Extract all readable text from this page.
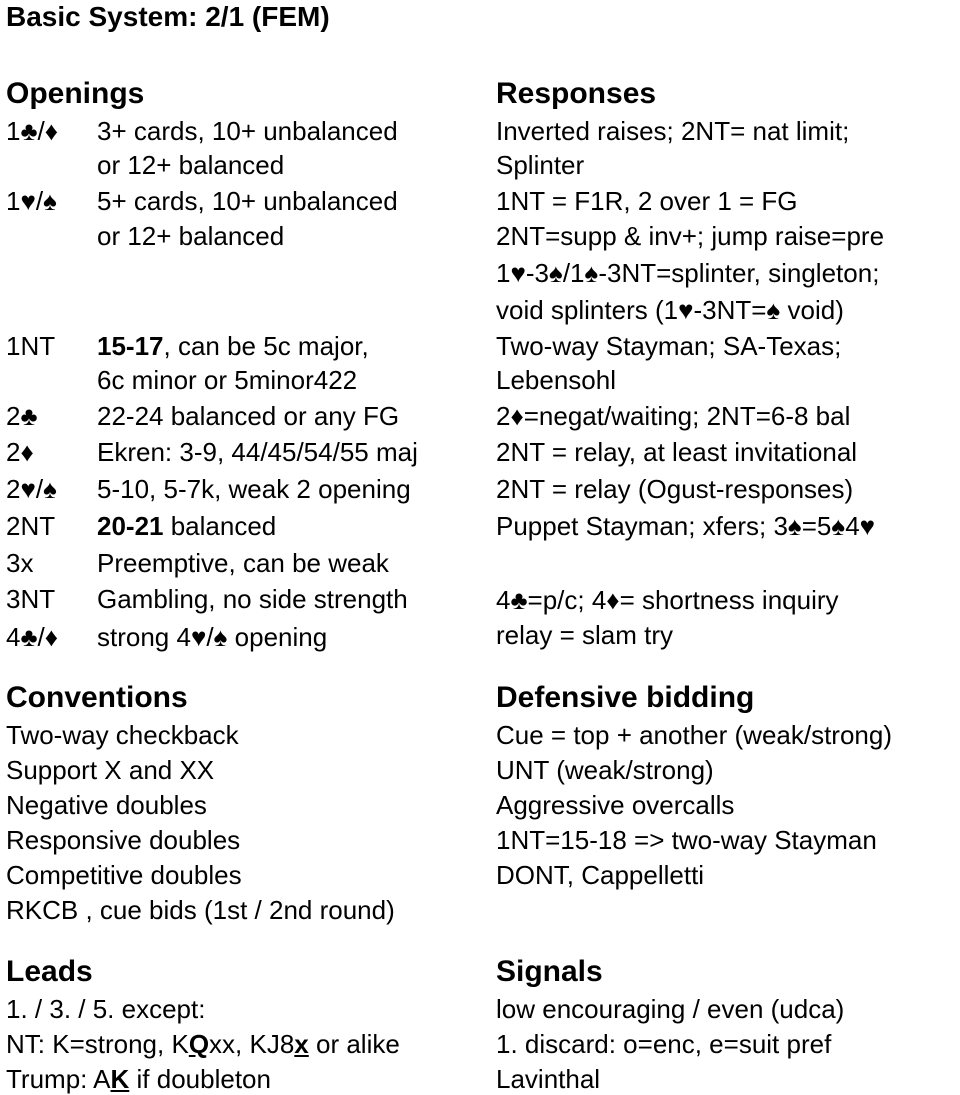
Basic System: 2/1 (FEM)
Openings
1♣/♦ 3+ cards, 10+ unbalanced
or 12+ balanced
1♥/♠ 5+ cards, 10+ unbalanced
or 12+ balanced
1NT 15-17, can be 5c major,
6c minor or 5minor422
2♣ 22-24 balanced or any FG
2♦ Ekren: 3-9, 44/45/54/55 maj
2♥/♠ 5-10, 5-7k, weak 2 opening
2NT 20-21 balanced
3x Preemptive, can be weak
3NT Gambling, no side strength
4♣/♦ strong 4♥/♠ opening
Responses
Inverted raises; 2NT= nat limit;
Splinter
1NT = F1R, 2 over 1 = FG
2NT=supp & inv+; jump raise=pre
1♥-3♠/1♠-3NT=splinter, singleton;
void splinters (1♥-3NT=♠ void)
Two-way Stayman; SA-Texas;
Lebensohl
2♦=negat/waiting; 2NT=6-8 bal
2NT = relay, at least invitational
2NT = relay (Ogust-responses)
Puppet Stayman; xfers; 3♠=5♠4♥
4♣=p/c; 4♦= shortness inquiry
relay = slam try
Conventions
Two-way checkback
Support X and XX
Negative doubles
Responsive doubles
Competitive doubles
RKCB , cue bids (1st / 2nd round)
Defensive bidding
Cue = top + another (weak/strong)
UNT (weak/strong)
Aggressive overcalls
1NT=15-18 => two-way Stayman
DONT, Cappelletti
Leads
1. / 3. / 5. except:
NT: K=strong, KQxx, KJ8x or alike
Trump: AK if doubleton
Signals
low encouraging / even (udca)
1. discard: o=enc, e=suit pref
Lavinthal
